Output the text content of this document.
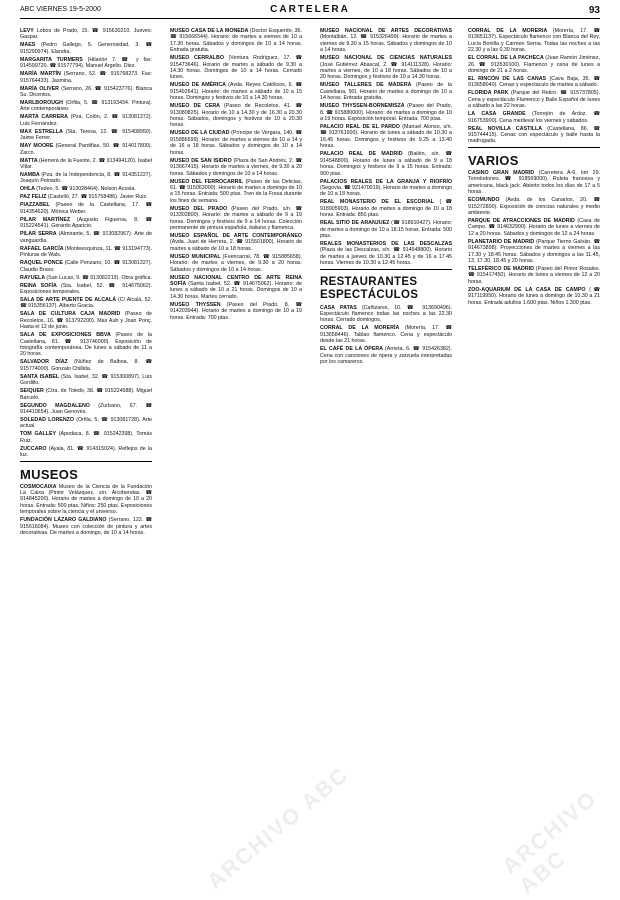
ABC VIERNES 19-5-2000	CARTELERA	93

LEVY Lobos de Prado, 15. ☎ 915630210. Jueves: Gaspar.

MAES (Pedro Gallego, 5. Generosidad, 3. ☎ 915290974). Elandra.

MARGARITA TURMERS (Hilarión 7. ☎ y fax: 914599720. ☎ 91577794). Manuel Argelio. Diez.

MARÍA MARTÍN (Serrano, 52. ☎ 915768273. Fax: 915764433). Jasmina.

MARÍA OLIVER (Serrano, 26. ☎ 915423776). Blanca Su. Dicentos.

MARLBOROUGH (Orfila, 5. ☎ 913193434. Pintura). Arte contemporáneo.

MARTA CARRERA (Pza. Colón, 2. ☎ 913081372). Luis Fernández.

MAX ESTRELLA (Sta. Teresa, 12. ☎ 915408950). Jaime Ferrer.

MAY MOORE (General Pardiñas, 50. ☎ 914017800). Zarco.

MATTA (Herrera de la Fuente, 2. ☎ 913494120). Isabel Villar.

NAMBA (Pza. de la Independencia, 8. ☎ 914351227). Joaquín Peinado.

OHLA (Tedeo, 5. ☎ 913028464). Nelson Acosta.

PAZ FELIZ (Castelló, 27. ☎ 915758486). Javier Ruiz.

PIAZZABEL (Paseo de la Castellana, 17. ☎ 914354620). Mónica Weber.

PILAR MARTÍNEZ (Augusto Figueroa, 8. ☎ 915224541). Gerardo Aparicio.

PILAR SERRA (Almirante, 5. ☎ 913082967). Arte de vanguardia.

RAFAEL GARCÍA (Monteesquinza, 11. ☎ 913194773). Pinturas de Wals.

RAQUEL PONCE (Calle Ponzano, 10. ☎ 913081327). Claudio Bravo.

RAYUELA (San Lucas, 9. ☎ 913082219). Obra gráfica.

REINA SOFÍA (Sta. Isabel, 52. ☎ 914675062). Exposiciones temporales.

SALA DE ARTE PUENTE DE ALCALÁ (C/ Alcalá, 52. ☎ 915356137). Alberto Gracia.

SALA DE CULTURA CAJA MADRID (Paseo de Recoletos, 16. ☎ 913792200). Max Aub y Joan Ponç. Hasta el 12 de junio.

SALA DE EXPOSICIONES BBVA (Paseo de la Castellana, 81. ☎ 913746000). Exposición de fotografía contemporánea. De lunes a sábado de 11 a 20 horas.

SALVADOR DÍAZ (Núñez de Balboa, 8. ☎ 915774000). Gonzalo Chillida.

SANTA ISABEL (Sta. Isabel, 32. ☎ 915300897). Luis Gordillo.

SEIQUER (Ctra. de Toledo, 38. ☎ 915224588). Miguel Barceló.

SEGUNDO MAGDALENO (Zurbano, 67. ☎ 914410654). Juan Genovés.

SOLEDAD LORENZO (Orfila, 5. ☎ 913081728). Arte actual.

TOM GALLEY (Apodaca, 8. ☎ 915242398). Tomás Ruiz.

ZUCCARO (Ayala, 81. ☎ 914315024). Reflejos de la luz.

MUSEOS

COSMOCAIXA Museo de la Ciencia de la Fundación La Caixa (Pintor Velázquez, s/n. Alcobendas. ☎ 914845200). Horario de martes a domingo de 10 a 20 horas. Entrada: 500 ptas. Niños: 250 ptas. Exposiciones temporales sobre la ciencia y el universo.

FUNDACIÓN LÁZARO GALDIANO (Serrano, 122. ☎ 915616084). Museo con colección de pintura y artes decorativas. De martes a domingo, de 10 a 14 horas.

MUSEO CASA DE LA MONEDA (Doctor Esquerdo, 36. ☎ 915666544). Horario: de martes a viernes de 10 a 17.30 horas. Sábados y domingos de 10 a 14 horas. Entrada gratuita.

MUSEO CERRALBO (Ventura Rodríguez, 17. ☎ 915473646). Horario de martes a sábado de 9.30 a 14.30 horas. Domingos de 10 a 14 horas. Cerrado lunes.

MUSEO DE AMÉRICA (Avda. Reyes Católicos, 6. ☎ 915492641). Horario: de martes a sábado de 10 a 15 horas. Domingos y festivos de 10 a 14.30 horas.

MUSEO DE CERA (Paseo de Recoletos, 41. ☎ 913080825). Horario de 10 a 14.30 y de 16.30 a 20.30 horas. Sábados, domingos y festivos de 10 a 20.30 horas.

MUSEO DE LA CIUDAD (Príncipe de Vergara, 140. ☎ 915886599). Horario: de martes a viernes de 10 a 14 y de 16 a 18 horas. Sábados y domingos de 10 a 14 horas.

MUSEO DE SAN ISIDRO (Plaza de San Andrés, 2. ☎ 913667415). Horario de martes a viernes, de 9.30 a 20 horas. Sábados y domingos de 10 a 14 horas.

MUSEO DEL FERROCARRIL (Paseo de las Delicias, 61. ☎ 915063000). Horario de martes a domingo de 10 a 15 horas. Entrada: 500 ptas. Tren de la Fresa durante los fines de semana.

MUSEO DEL PRADO (Paseo del Prado, s/n. ☎ 913302800). Horario: de martes a sábado de 9 a 19 horas. Domingos y festivos de 9 a 14 horas. Colección permanente de pintura española, italiana y flamenca.

MUSEO ESPAÑOL DE ARTE CONTEMPORÁNEO (Avda. Juan de Herrera, 2. ☎ 915501800). Horario de martes a sábado de 10 a 18 horas.

MUSEO MUNICIPAL (Fuencarral, 78. ☎ 915885658). Horario: de martes a viernes, de 9.30 a 20 horas. Sábados y domingos de 10 a 14 horas.

MUSEO NACIONAL CENTRO DE ARTE REINA SOFÍA (Santa Isabel, 52. ☎ 914675062). Horario: de lunes a sábado de 10 a 21 horas. Domingos de 10 a 14.30 horas. Martes cerrado.

MUSEO THYSSEN (Paseo del Prado, 8. ☎ 914203944). Horario de martes a domingo de 10 a 19 horas. Entrada: 700 ptas.

MUSEO NACIONAL DE ARTES DECORATIVAS (Montalbán, 12. ☎ 915326499). Horario de martes a viernes de 9.30 a 15 horas. Sábados y domingos de 10 a 14 horas.

MUSEO NACIONAL DE CIENCIAS NATURALES (José Gutiérrez Abascal, 2. ☎ 914111328). Horario: martes a viernes, de 10 a 18 horas. Sábados de 10 a 20 horas. Domingos y festivos de 10 a 14.30 horas.

MUSEO TALLERES DE MADERA (Paseo de la Castellana, 90). Horario de martes a domingo de 10 a 14 horas. Entrada gratuita.

MUSEO THYSSEN-BORNEMISZA (Paseo del Prado, 8. ☎ 915880000). Horario: de martes a domingo de 10 a 19 horas. Exposición temporal. Entrada: 700 ptas.

PALACIO REAL DE EL PARDO (Manuel Alonso, s/n. ☎ 913761500). Horario de lunes a sábado de 10.30 a 16.45 horas. Domingos y festivos de 9.25 a 13.40 horas.

PALACIO REAL DE MADRID (Bailén, s/n. ☎ 914548800). Horario de lunes a sábado de 9 a 18 horas. Domingos y festivos de 9 a 15 horas. Entrada: 900 ptas.

PALACIOS REALES DE LA GRANJA Y RIOFRÍO (Segovia. ☎ 921470019). Horario de martes a domingo de 10 a 18 horas.

REAL MONASTERIO DE EL ESCORIAL (☎ 918905903). Horario de martes a domingo de 10 a 18 horas. Entrada: 850 ptas.

REAL SITIO DE ARANJUEZ (☎ 918910427). Horario: de martes a domingo de 10 a 18.15 horas. Entrada: 500 ptas.

REALES MONASTERIOS DE LAS DESCALZAS (Plaza de las Descalzas, s/n. ☎ 914548800). Horario de martes a jueves de 10.30 a 12.45 y de 16 a 17.45 horas. Viernes de 10.30 a 12.45 horas.

RESTAURANTES ESPECTÁCULOS

CASA PATAS (Cañizares, 10. ☎ 913690496). Espectáculo flamenco todas las noches a las 22.30 horas. Cerrado domingos.

CORRAL DE LA MORERÍA (Morería, 17. ☎ 913658446). Tablao flamenco. Cena y espectáculo desde las 21 horas.

EL CAFÉ DE LA ÓPERA (Arrieta, 6. ☎ 915426382). Cena con canciones de ópera y zarzuela interpretadas por los camareros.

CORRAL DE LA MORERÍA (Morería, 17. ☎ 913651137). Espectáculo flamenco con Blanca del Rey, Lucía Bonilla y Carmen Serna. Todas las noches a las 22.30 y a las 0.30 horas.

EL CORRAL DE LA PACHECA (Juan Ramón Jiménez, 26. ☎ 913530100). Flamenco y cena de lunes a domingo de 21 a 2 horas.

EL RINCÓN DE LAS CANAS (Cava Baja, 35. ☎ 913658040). Cenas y espectáculo de martes a sábado.

FLORIDA PARK (Parque del Retiro. ☎ 915737805). Cena y espectáculo Flamenco y Baile Español de lunes a sábado a las 22 horas.

LA CASA GRANDE (Torrejón de Ardoz. ☎ 916753900). Cena medieval los viernes y sábados.

REAL NOVILLA CASTILLA (Castellana, 86. ☎ 915744415). Cenas con espectáculo y baile hasta la madrugada.

VARIOS

CASINO GRAN MADRID (Carretera A-6, km 29. Torrelodones. ☎ 918569000). Ruleta francesa y americana, black jack. Abierto todos los días de 17 a 5 horas.

ECOMUNDO (Avda. de los Canarios, 20. ☎ 915272800). Exposición de ciencias naturales y medio ambiente.

PARQUE DE ATRACCIONES DE MADRID (Casa de Campo. ☎ 914632900). Horario de lunes a viernes de 12 a 20 horas. Sábados y domingos de 12 a 24 horas.

PLANETARIO DE MADRID (Parque Tierno Galván. ☎ 914673898). Proyecciones de martes a viernes a las 17.30 y 18.45 horas. Sábados y domingos a las 11.45, 13, 17.30, 18.45 y 20 horas.

TELEFÉRICO DE MADRID (Paseo del Pintor Rosales. ☎ 915417450). Horario de lunes a viernes de 12 a 20 horas.

ZOO-AQUARIUM DE LA CASA DE CAMPO (☎ 917119950). Horario de lunes a domingo de 10.30 a 21 horas. Entrada adultos 1.600 ptas. Niños 1.300 ptas.

ARCHIVO ABC	ARCHIVO ABC
